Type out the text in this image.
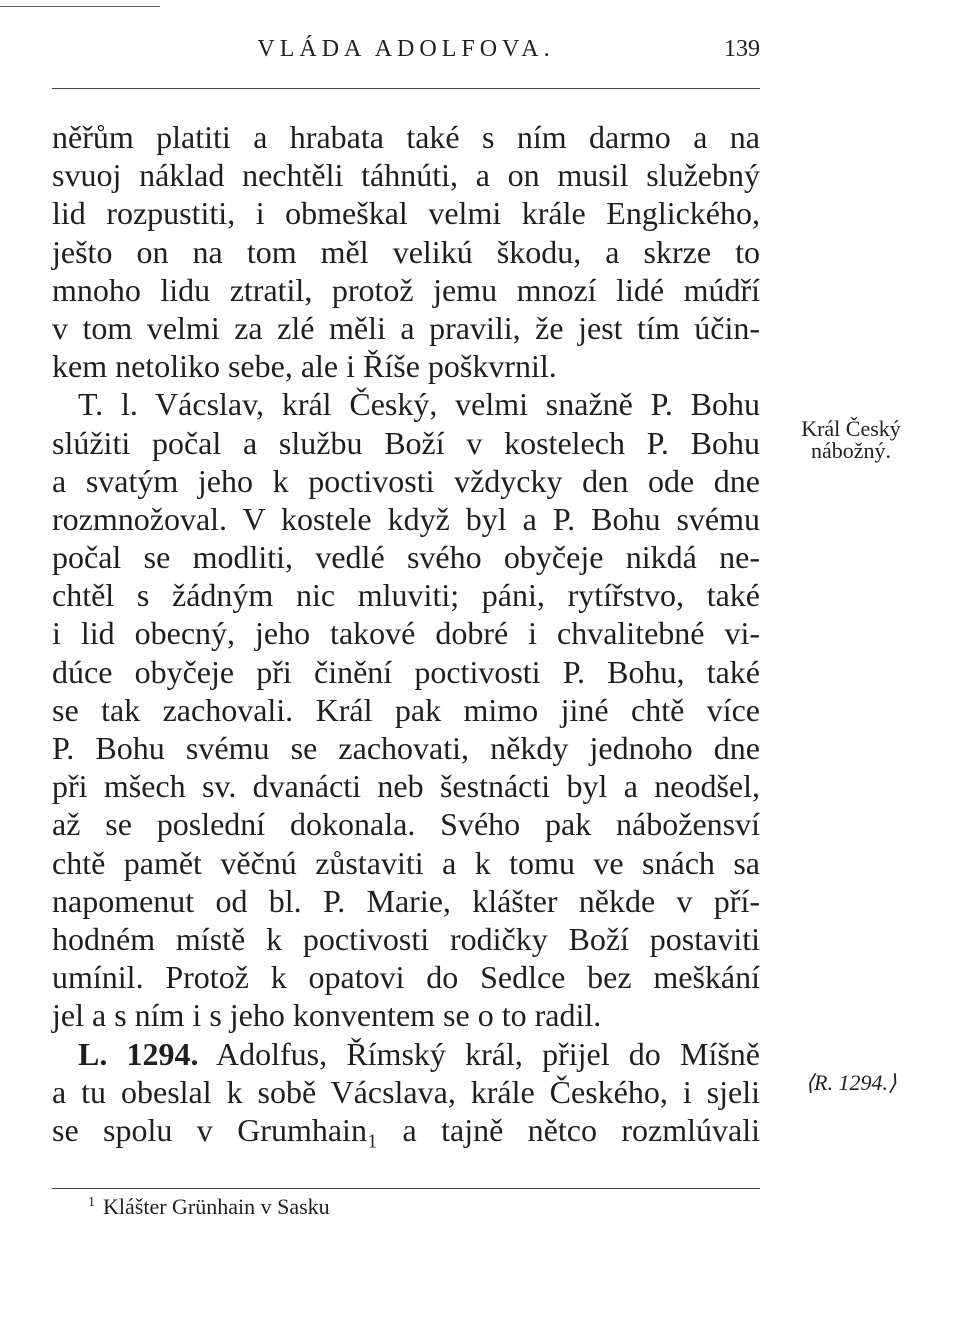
VLÁDA ADOLFOVA.	139
něřům platiti a hrabata také s ním darmo a na
svuoj náklad nechtěli táhnúti, a on musil služebný
lid rozpustiti, i obmeškal velmi krále Englického,
ješto on na tom měl velikú škodu, a skrze to
mnoho lidu ztratil, protož jemu mnozí lidé múdří
v tom velmi za zlé měli a pravili, že jest tím účin-
kem netoliko sebe, ale i Říše poškvrnil.
T. l. Vácslav, král Český, velmi snažně P. Bohu
slúžiti počal a službu Boží v kostelech P. Bohu
a svatým jeho k poctivosti vždycky den ode dne
rozmnožoval. V kostele když byl a P. Bohu svému
počal se modliti, vedlé svého obyčeje nikdá ne-
chtěl s žádným nic mluviti; páni, rytířstvo, také
i lid obecný, jeho takové dobré i chvalitebné vi-
dúce obyčeje při činění poctivosti P. Bohu, také
se tak zachovali. Král pak mimo jiné chtě více
P. Bohu svému se zachovati, někdy jednoho dne
při mšech sv. dvanácti neb šestnácti byl a neodšel,
až se poslední dokonala. Svého pak nábožensví
chtě pamět věčnú zůstaviti a k tomu ve snách sa
napomenut od bl. P. Marie, klášter někde v pří-
hodném místě k poctivosti rodičky Boží postaviti
umínil. Protož k opatovi do Sedlce bez meškání
jel a s ním i s jeho konventem se o to radil.
L. 1294. Adolfus, Římský král, přijel do Míšně
a tu obeslal k sobě Vácslava, krále Českého, i sjeli
se spolu v Grumhain₁ a tajně nětco rozmlúvali
Král Český
nábožný.
⟨R. 1294.⟩
$^1$ Klášter Grünhain v Sasku
